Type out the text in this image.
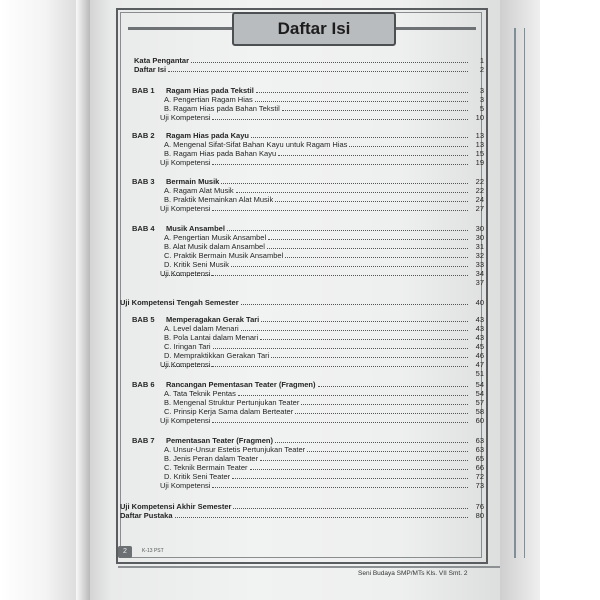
Daftar Isi
Kata Pengantar	1
Daftar Isi	2
BAB 1 Ragam Hias pada Tekstil	3
A. Pengertian Ragam Hias	3
B. Ragam Hias pada Bahan Tekstil	5
Uji Kompetensi	10
BAB 2 Ragam Hias pada Kayu	13
A. Mengenal Sifat-Sifat Bahan Kayu untuk Ragam Hias	13
B. Ragam Hias pada Bahan Kayu	15
Uji Kompetensi	19
BAB 3 Bermain Musik	22
A. Ragam Alat Musik	22
B. Praktik Memainkan Alat Musik	24
Uji Kompetensi	27
BAB 4 Musik Ansambel	30
A. Pengertian Musik Ansambel	30
B. Alat Musik dalam Ansambel	31
C. Praktik Bermain Musik Ansambel	32
D. Kritik Seni Musik	33
Uji Kompetensi	34
37
Uji Kompetensi Tengah Semester	40
BAB 5 Memperagakan Gerak Tari	43
A. Level dalam Menari	43
B. Pola Lantai dalam Menari	43
C. Iringan Tari	45
D. Mempraktikkan Gerakan Tari	46
Uji Kompetensi	47
51
BAB 6 Rancangan Pementasan Teater (Fragmen)	54
A. Tata Teknik Pentas	54
B. Mengenal Struktur Pertunjukan Teater	57
C. Prinsip Kerja Sama dalam Berteater	58
Uji Kompetensi	60
BAB 7 Pementasan Teater (Fragmen)	63
A. Unsur-Unsur Estetis Pertunjukan Teater	63
B. Jenis Peran dalam Teater	65
C. Teknik Bermain Teater	66
D. Kritik Seni Teater	72
Uji Kompetensi	73
Uji Kompetensi Akhir Semester	76
Daftar Pustaka	80
2	K-13 PST
Seni Budaya SMP/MTs Kls. VII Smt. 2
